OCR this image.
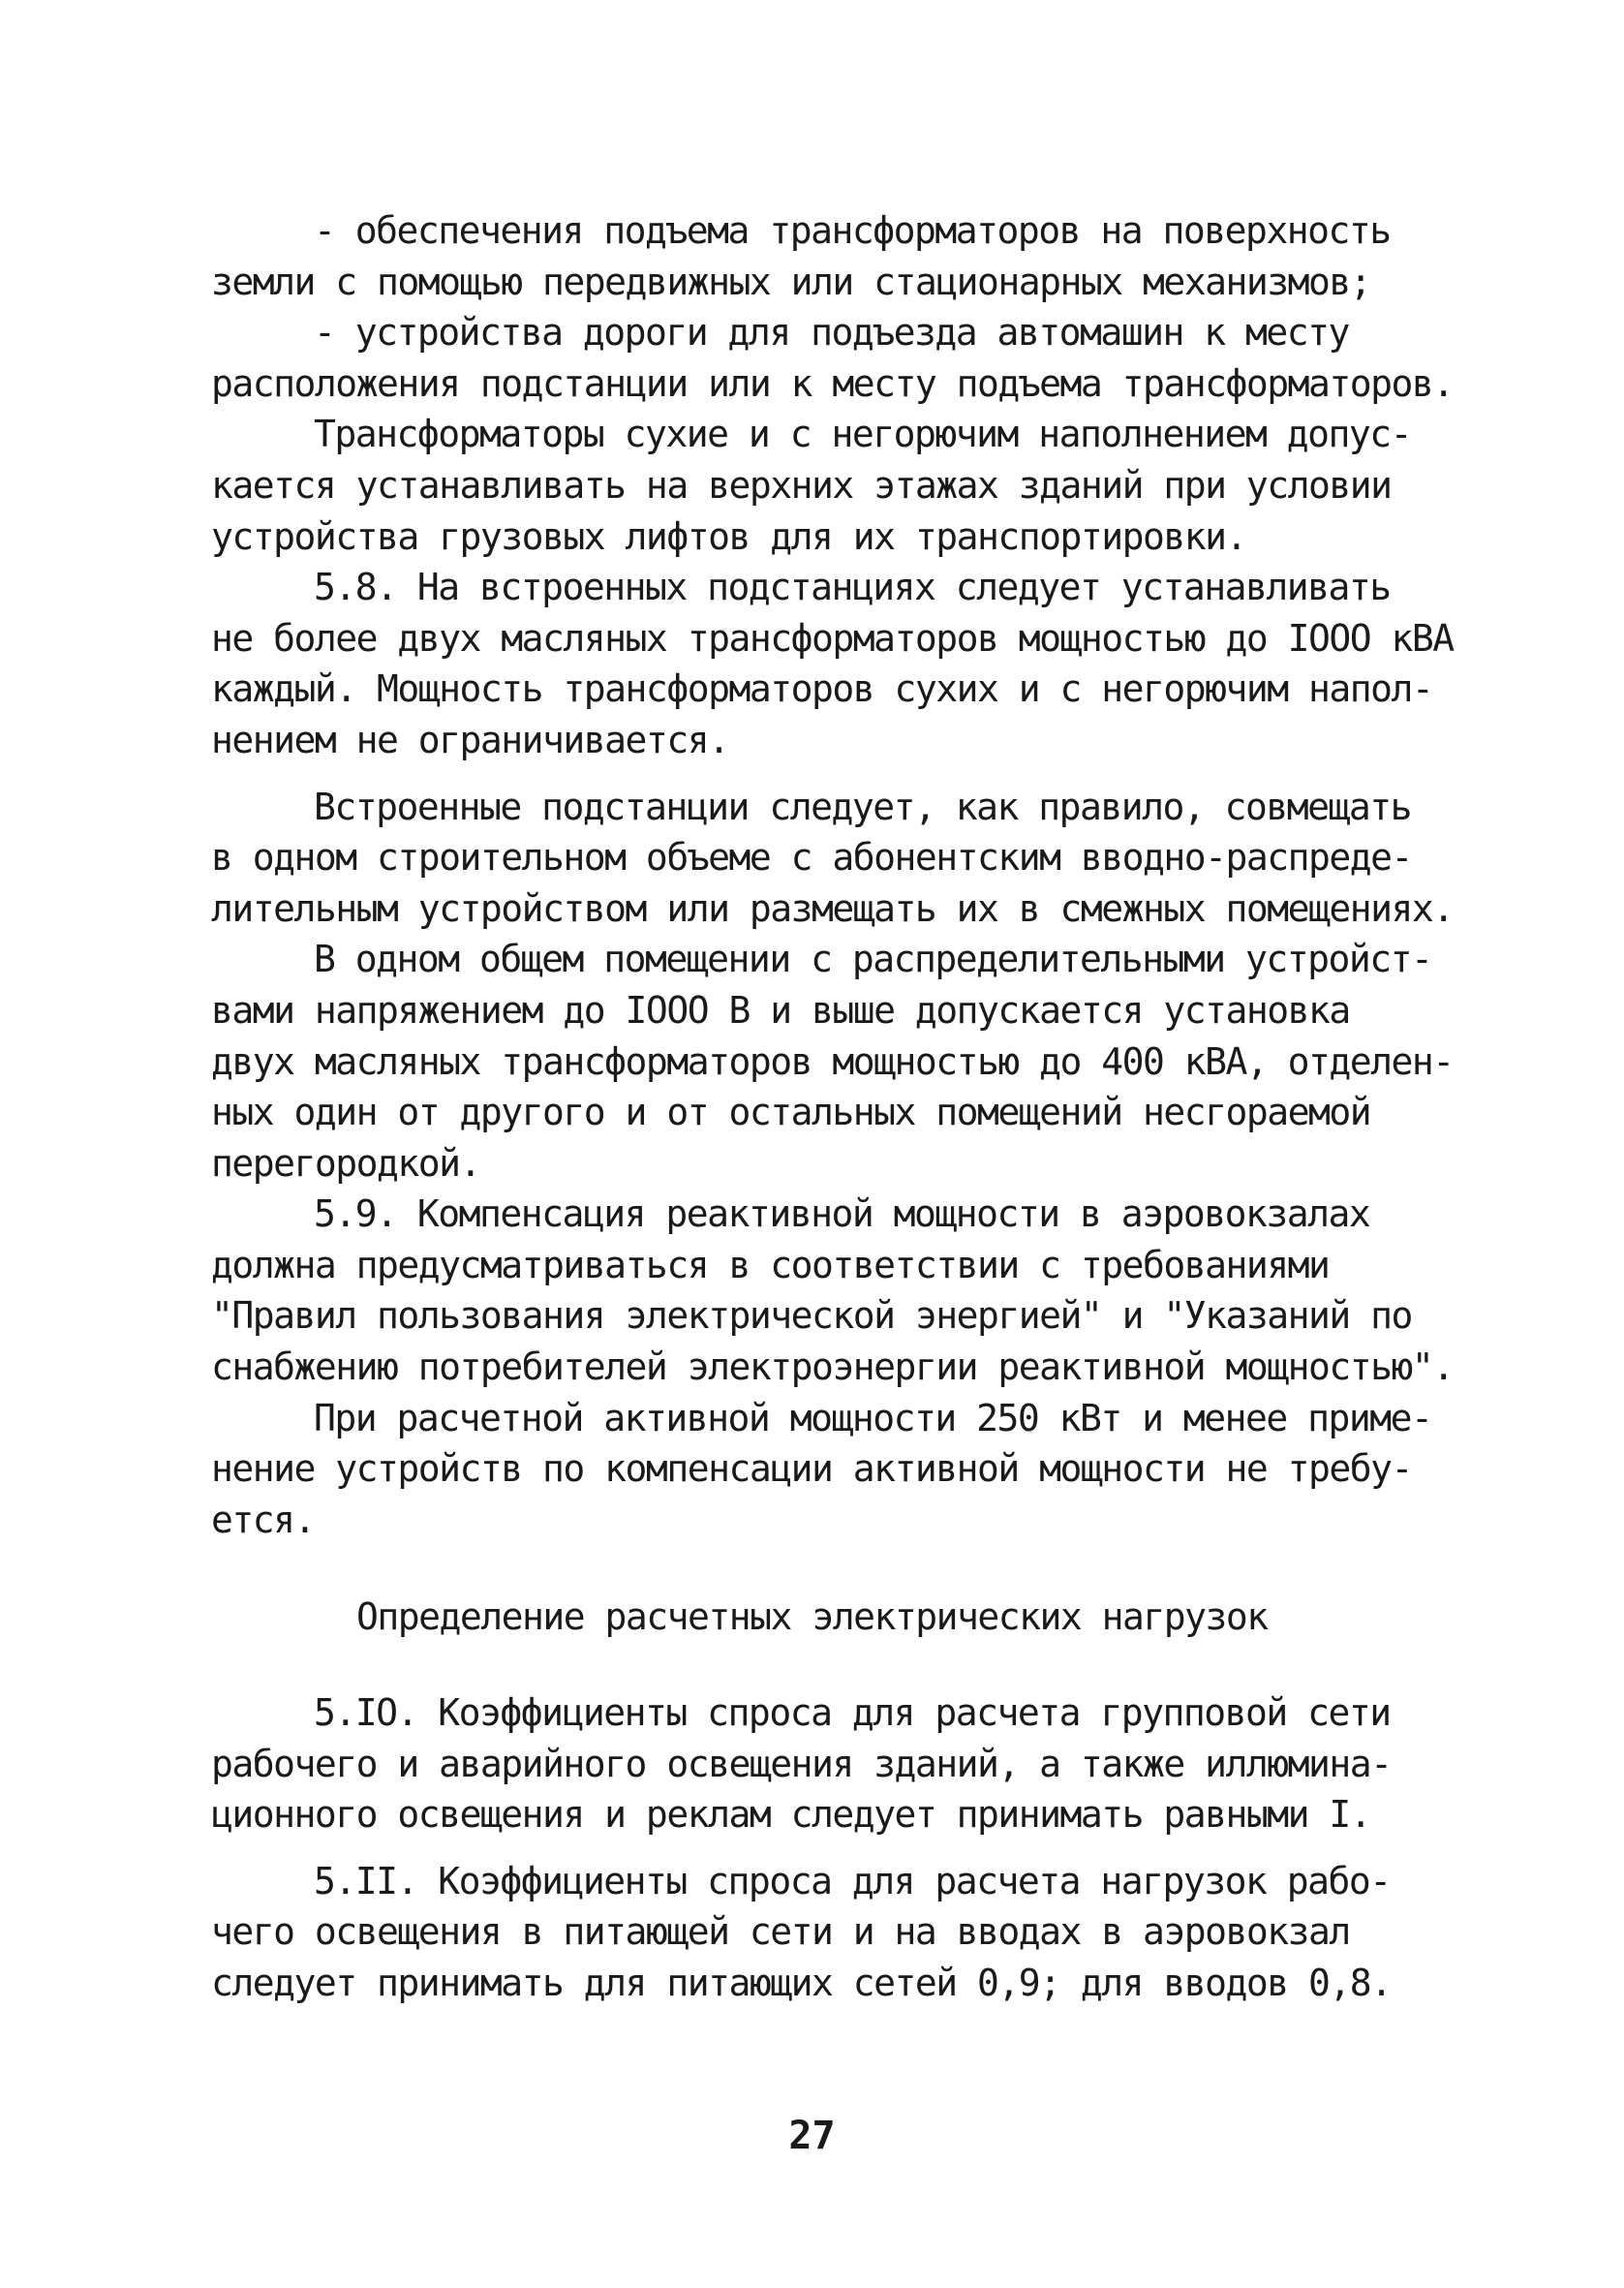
- обеспечения подъема трансформаторов на поверхность
земли с помощью передвижных или стационарных механизмов;
- устройства дороги для подъезда автомашин к месту
расположения подстанции или к месту подъема трансформаторов.
Трансформаторы сухие и с негорючим наполнением допус-
кается устанавливать на верхних этажах зданий при условии
устройства грузовых лифтов для их транспортировки.
5.8. На встроенных подстанциях следует устанавливать
не более двух масляных трансформаторов мощностью до IOOO кВА
каждый. Мощность трансформаторов сухих и с негорючим напол-
нением не ограничивается.
Встроенные подстанции следует, как правило, совмещать
в одном строительном объеме с абонентским вводно-распреде-
лительным устройством или размещать их в смежных помещениях.
В одном общем помещении с распределительными устройст-
вами напряжением до IOOO В и выше допускается установка
двух масляных трансформаторов мощностью до 400 кВА, отделен-
ных один от другого и от остальных помещений несгораемой
перегородкой.
5.9. Компенсация реактивной мощности в аэровокзалах
должна предусматриваться в соответствии с требованиями
"Правил пользования электрической энергией" и "Указаний по
снабжению потребителей электроэнергии реактивной мощностью".
При расчетной активной мощности 250 кВт и менее приме-
нение устройств по компенсации активной мощности не требу-
ется.
Определение расчетных электрических нагрузок
5.IO. Коэффициенты спроса для расчета групповой сети
рабочего и аварийного освещения зданий, а также иллюмина-
ционного освещения и реклам следует принимать равными I.
5.II. Коэффициенты спроса для расчета нагрузок рабо-
чего освещения в питающей сети и на вводах в аэровокзал
следует принимать для питающих сетей 0,9; для вводов 0,8.
27
